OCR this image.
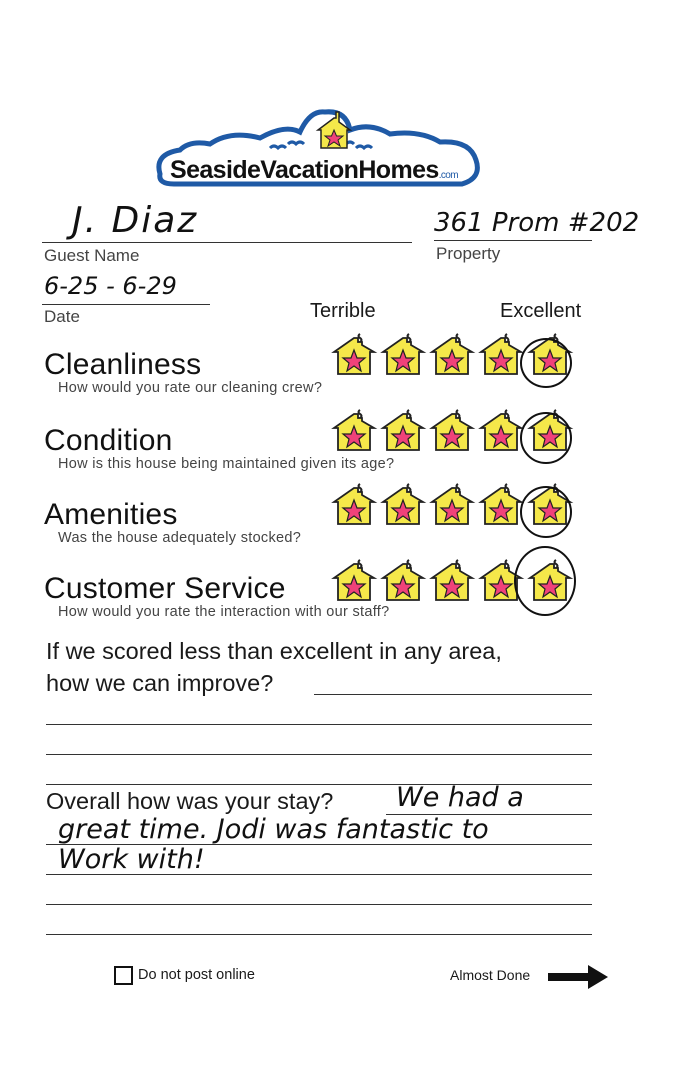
SeasideVacationHomes.com
J. Diaz
Guest Name
361 Prom #202
Property
6-25 - 6-29
Date	Terrible	Excellent
Cleanliness
How would you rate our cleaning crew?
Condition
How is this house being maintained given its age?
Amenities
Was the house adequately stocked?
Customer Service
How would you rate the interaction with our staff?
If we scored less than excellent in any area,
how we can improve?
Overall how was your stay? We had a
great time. Jodi was fantastic to
Work with!
Do not post online	Almost Done
